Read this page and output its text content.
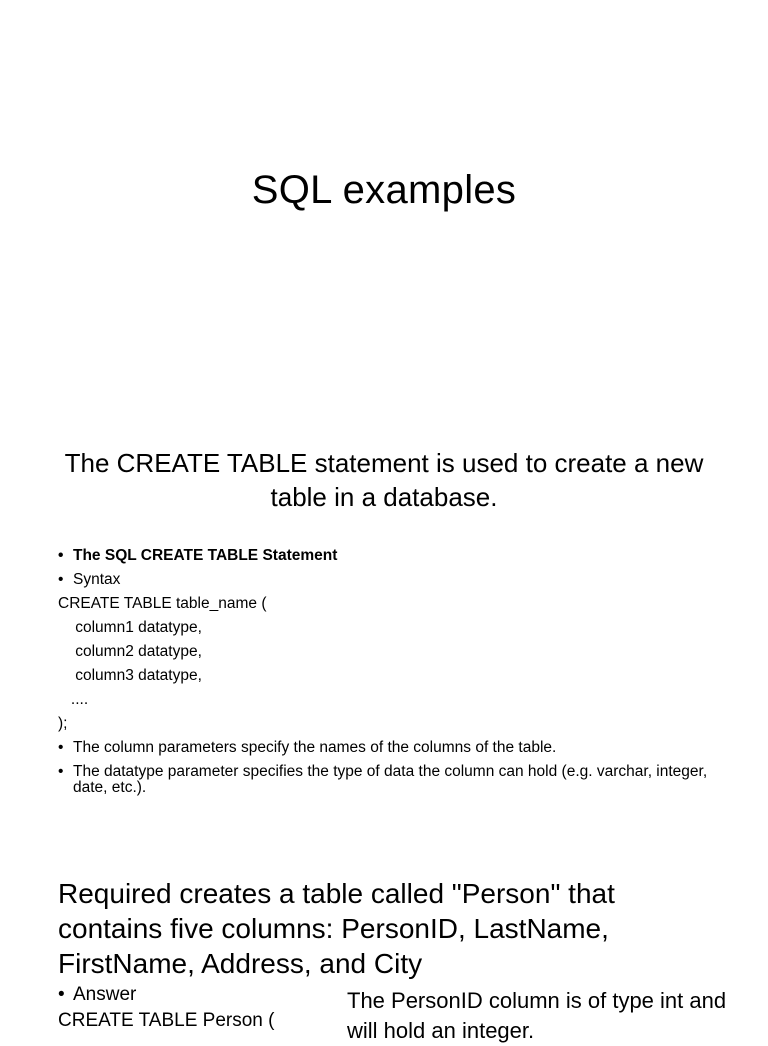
SQL examples
The CREATE TABLE statement is used to create a new table in a database.
• The SQL CREATE TABLE Statement
• Syntax
CREATE TABLE table_name (
column1 datatype,
column2 datatype,
column3 datatype,
....
);
• The column parameters specify the names of the columns of the table.
• The datatype parameter specifies the type of data the column can hold (e.g. varchar, integer, date, etc.).
Required creates a table called "Person" that contains five columns: PersonID, LastName, FirstName, Address, and City
• Answer
CREATE TABLE Person (
The PersonID column is of type int and will hold an integer.
